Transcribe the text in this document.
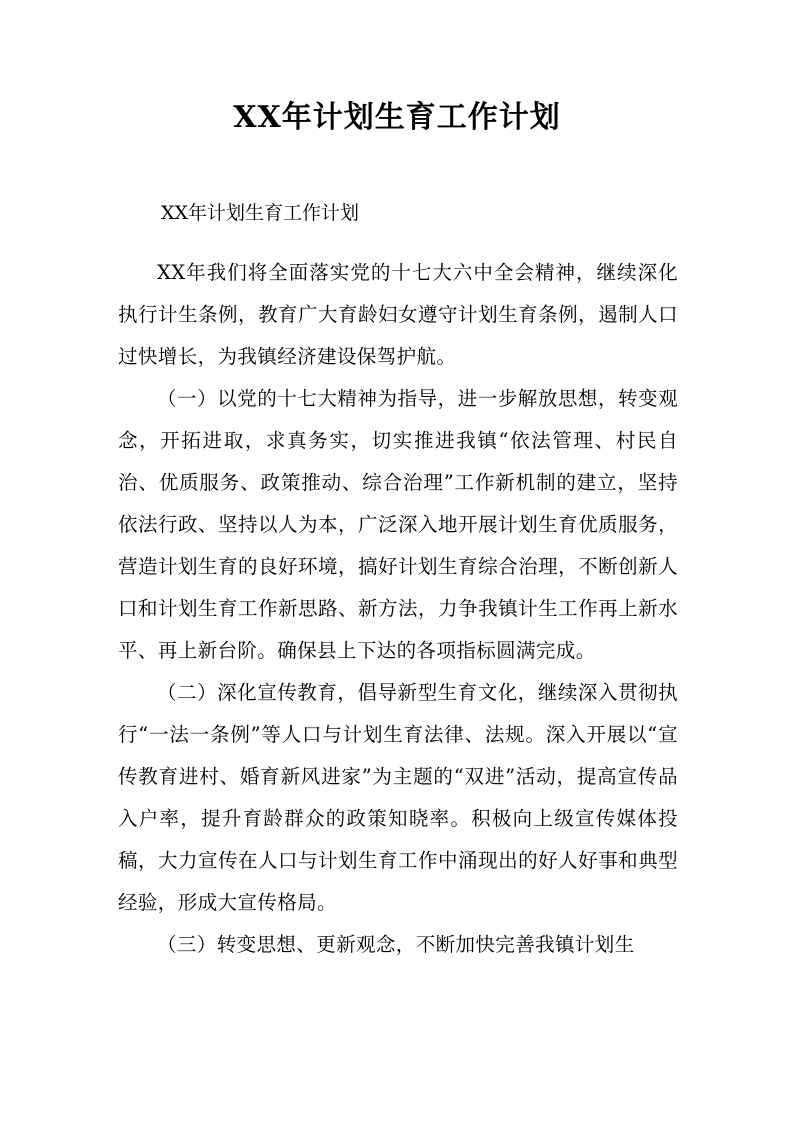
XX年计划生育工作计划

XX年计划生育工作计划

XX年我们将全面落实党的十七大六中全会精神，继续深化执行计生条例，教育广大育龄妇女遵守计划生育条例，遏制人口过快增长，为我镇经济建设保驾护航。

（一）以党的十七大精神为指导，进一步解放思想，转变观念，开拓进取，求真务实，切实推进我镇“依法管理、村民自治、优质服务、政策推动、综合治理”工作新机制的建立，坚持依法行政、坚持以人为本，广泛深入地开展计划生育优质服务，营造计划生育的良好环境，搞好计划生育综合治理，不断创新人口和计划生育工作新思路、新方法，力争我镇计生工作再上新水平、再上新台阶。确保县上下达的各项指标圆满完成。

（二）深化宣传教育，倡导新型生育文化，继续深入贯彻执行“一法一条例”等人口与计划生育法律、法规。深入开展以“宣传教育进村、婚育新风进家”为主题的“双进”活动，提高宣传品入户率，提升育龄群众的政策知晓率。积极向上级宣传媒体投稿，大力宣传在人口与计划生育工作中涌现出的好人好事和典型经验，形成大宣传格局。

（三）转变思想、更新观念，不断加快完善我镇计划生
